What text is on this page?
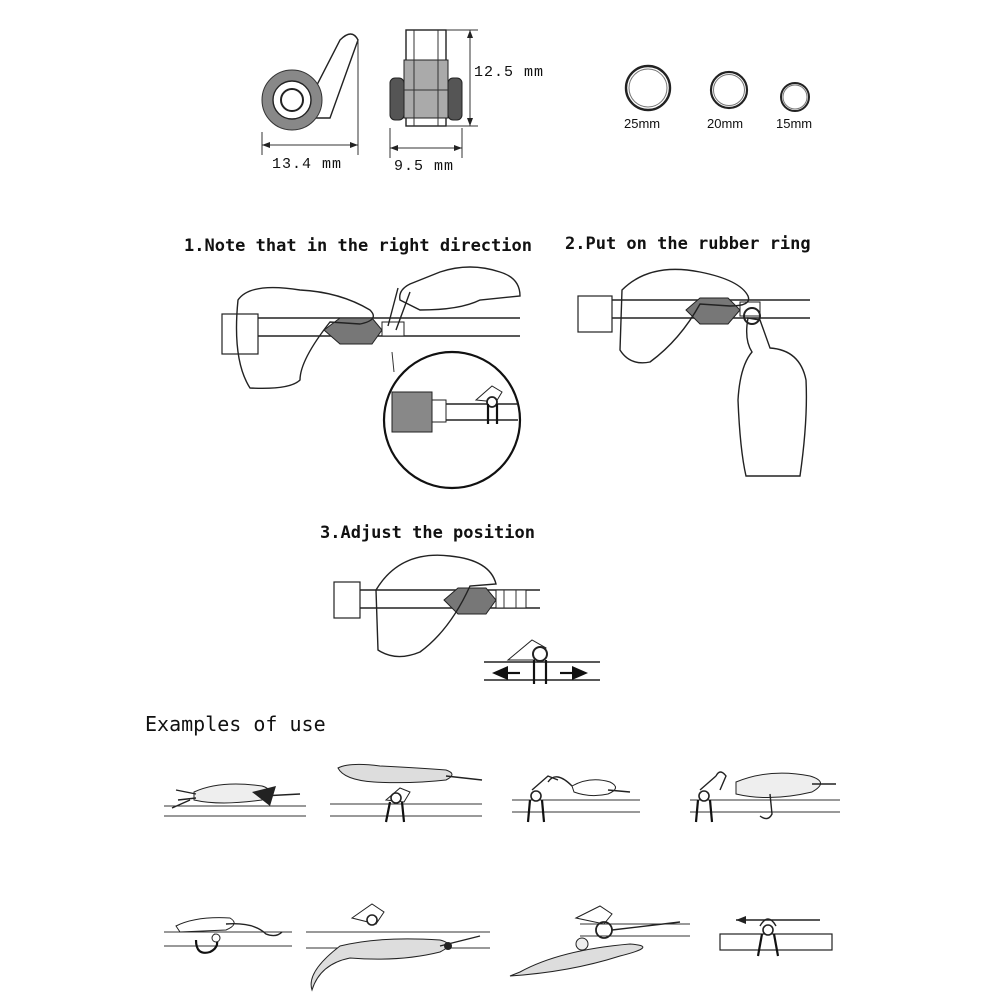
13.4 mm	9.5 mm
12.5 mm
25mm	20mm	15mm
1.Note that in the right direction 2.Put on the rubber ring
3.Adjust the position
Examples of use
